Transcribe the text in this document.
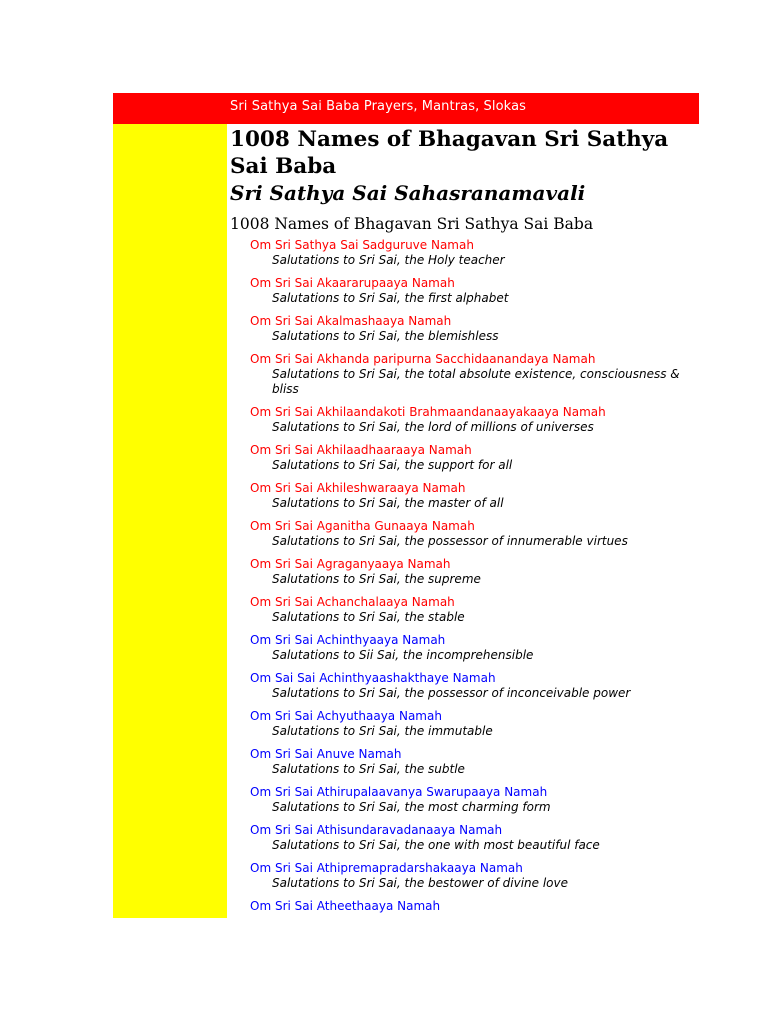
Sri Sathya Sai Baba Prayers, Mantras, Slokas
1008 Names of Bhagavan Sri Sathya Sai Baba
Sri Sathya Sai Sahasranamavali
1008 Names of Bhagavan Sri Sathya Sai Baba
Om Sri Sathya Sai Sadguruve Namah
Salutations to Sri Sai, the Holy teacher
Om Sri Sai Akaararupaaya Namah
Salutations to Sri Sai, the first alphabet
Om Sri Sai Akalmashaaya Namah
Salutations to Sri Sai, the blemishless
Om Sri Sai Akhanda paripurna Sacchidaanandaya Namah
Salutations to Sri Sai, the total absolute existence, consciousness & bliss
Om Sri Sai Akhilaandakoti Brahmaandanaayakaaya Namah
Salutations to Sri Sai, the lord of millions of universes
Om Sri Sai Akhilaadhaaraaya Namah
Salutations to Sri Sai, the support for all
Om Sri Sai Akhileshwaraaya Namah
Salutations to Sri Sai, the master of all
Om Sri Sai Aganitha Gunaaya Namah
Salutations to Sri Sai, the possessor of innumerable virtues
Om Sri Sai Agraganyaaya Namah
Salutations to Sri Sai, the supreme
Om Sri Sai Achanchalaaya Namah
Salutations to Sri Sai, the stable
Om Sri Sai Achinthyaaya Namah
Salutations to Sii Sai, the incomprehensible
Om Sai Sai Achinthyaashakthaye Namah
Salutations to Sri Sai, the possessor of inconceivable power
Om Sri Sai Achyuthaaya Namah
Salutations to Sri Sai, the immutable
Om Sri Sai Anuve Namah
Salutations to Sri Sai, the subtle
Om Sri Sai Athirupalaavanya Swarupaaya Namah
Salutations to Sri Sai, the most charming form
Om Sri Sai Athisundaravadanaaya Namah
Salutations to Sri Sai, the one with most beautiful face
Om Sri Sai Athipremapradarshakaaya Namah
Salutations to Sri Sai, the bestower of divine love
Om Sri Sai Atheethaaya Namah
